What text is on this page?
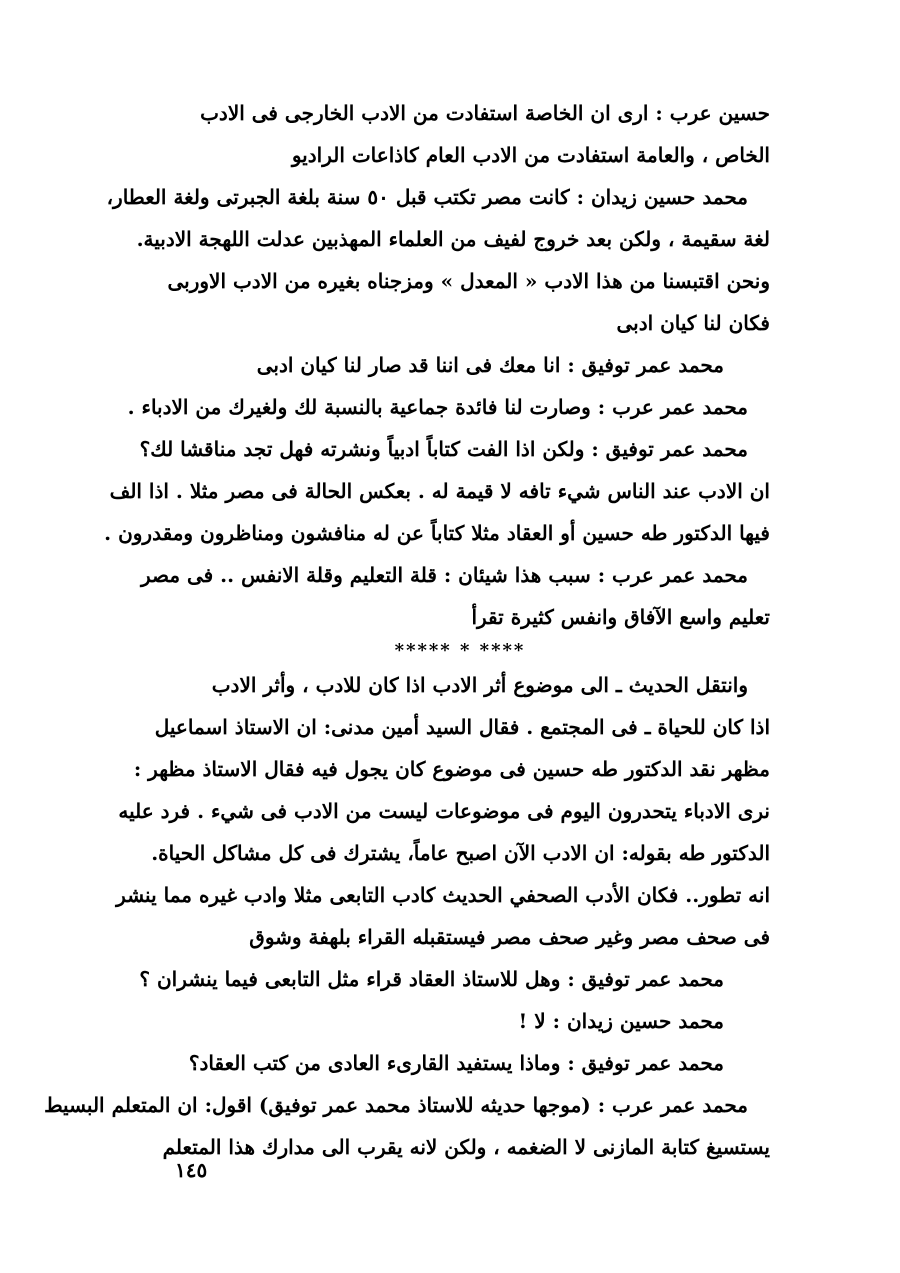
حسين عرب : ارى ان الخاصة استفادت من الادب الخارجى فى الادب
الخاص ، والعامة استفادت من الادب العام كاذاعات الراديو
محمد حسين زيدان : كانت مصر تكتب قبل ٥٠ سنة بلغة الجبرتى ولغة العطار،
لغة سقيمة ، ولكن بعد خروج لفيف من العلماء المهذبين عدلت اللهجة الادبية.
ونحن اقتبسنا من هذا الادب « المعدل » ومزجناه بغيره من الادب الاوربى
فكان لنا كيان ادبى
محمد عمر توفيق : انا معك فى اننا قد صار لنا كيان ادبى
محمد عمر عرب : وصارت لنا فائدة جماعية بالنسبة لك ولغيرك من الادباء .
محمد عمر توفيق : ولكن اذا الفت كتاباً ادبياً ونشرته فهل تجد مناقشا لك؟
ان الادب عند الناس شيء تافه لا قيمة له . بعكس الحالة فى مصر مثلا . اذا الف
فيها الدكتور طه حسين أو العقاد مثلا كتاباً عن له منافشون ومناظرون ومقدرون .
محمد عمر عرب : سبب هذا شيئان : قلة التعليم وقلة الانفس .. فى مصر
تعليم واسع الآفاق وانفس كثيرة تقرأ
**** * *****
وانتقل الحديث ـ الى موضوع أثر الادب اذا كان للادب ، وأثر الادب
اذا كان للحياة ـ فى المجتمع . فقال السيد أمين مدنى: ان الاستاذ اسماعيل
مظهر نقد الدكتور طه حسين فى موضوع كان يجول فيه فقال الاستاذ مظهر :
نرى الادباء يتحدرون اليوم فى موضوعات ليست من الادب فى شيء . فرد عليه
الدكتور طه بقوله: ان الادب الآن اصبح عاماً، يشترك فى كل مشاكل الحياة.
انه تطور.. فكان الأدب الصحفي الحديث كادب التابعى مثلا وادب غيره مما ينشر
فى صحف مصر وغير صحف مصر فيستقبله القراء بلهفة وشوق
محمد عمر توفيق : وهل للاستاذ العقاد قراء مثل التابعى فيما ينشران ؟
محمد حسين زيدان : لا !
محمد عمر توفيق : وماذا يستفيد القارىء العادى من كتب العقاد؟
محمد عمر عرب : (موجها حديثه للاستاذ محمد عمر توفيق) اقول: ان المتعلم البسيط
يستسيغ كتابة المازنى لا الضغمه ، ولكن لانه يقرب الى مدارك هذا المتعلم
١٤٥
